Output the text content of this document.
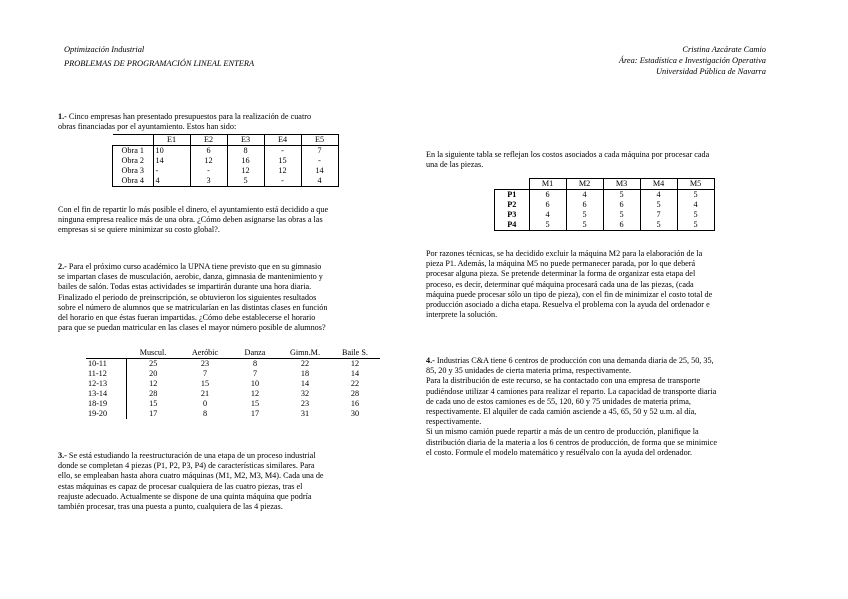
Optimización Industrial
PROBLEMAS DE PROGRAMACIÓN LINEAL ENTERA
Cristina Azcárate Camio
Área: Estadística e Investigación Operativa
Universidad Pública de Navarra
1.- Cinco empresas han presentado presupuestos para la realización de cuatro
obras financiadas por el ayuntamiento. Estos han sido:
	E1	E2	E3	E4	E5
Obra 1	10	6	8	-	7
Obra 2	14	12	16	15	-
Obra 3	-	-	12	12	14
Obra 4	4	3	5	-	4
Con el fin de repartir lo más posible el dinero, el ayuntamiento está decidido a que
ninguna empresa realice más de una obra. ¿Cómo deben asignarse las obras a las
empresas si se quiere minimizar su costo global?.
2.- Para el próximo curso académico la UPNA tiene previsto que en su gimnasio
se impartan clases de musculación, aerobic, danza, gimnasia de mantenimiento y
bailes de salón. Todas estas actividades se impartirán durante una hora diaria.
Finalizado el periodo de preinscripción, se obtuvieron los siguientes resultados
sobre el número de alumnos que se matricularían en las distintas clases en función
del horario en que éstas fueran impartidas. ¿Cómo debe establecerse el horario
para que se puedan matricular en las clases el mayor número posible de alumnos?
	Muscul.	Aeróbic	Danza	Gimn.M.	Baile S.
10-11	25	23	8	22	12
11-12	20	7	7	18	14
12-13	12	15	10	14	22
13-14	28	21	12	32	28
18-19	15	0	15	23	16
19-20	17	8	17	31	30
3.- Se está estudiando la reestructuración de una etapa de un proceso industrial
donde se completan 4 piezas (P1, P2, P3, P4) de características similares. Para
ello, se empleaban hasta ahora cuatro máquinas (M1, M2, M3, M4). Cada una de
estas máquinas es capaz de procesar cualquiera de las cuatro piezas, tras el
reajuste adecuado. Actualmente se dispone de una quinta máquina que podría
también procesar, tras una puesta a punto, cualquiera de las 4 piezas.
En la siguiente tabla se reflejan los costos asociados a cada máquina por procesar cada
una de las piezas.
	M1	M2	M3	M4	M5
P1	6	4	5	4	5
P2	6	6	6	5	4
P3	4	5	5	7	5
P4	5	5	6	5	5
Por razones técnicas, se ha decidido excluir la máquina M2 para la elaboración de la
pieza P1. Además, la máquina M5 no puede permanecer parada, por lo que deberá
procesar alguna pieza. Se pretende determinar la forma de organizar esta etapa del
proceso, es decir, determinar qué máquina procesará cada una de las piezas, (cada
máquina puede procesar sólo un tipo de pieza), con el fin de minimizar el costo total de
producción asociado a dicha etapa. Resuelva el problema con la ayuda del ordenador e
interprete la solución.
4.- Industrias C&A tiene 6 centros de producción con una demanda diaria de 25, 50, 35,
85, 20 y 35 unidades de cierta materia prima, respectivamente.
Para la distribución de este recurso, se ha contactado con una empresa de transporte
pudiéndose utilizar 4 camiones para realizar el reparto. La capacidad de transporte diaria
de cada uno de estos camiones es de 55, 120, 60 y 75 unidades de materia prima,
respectivamente. El alquiler de cada camión asciende a 45, 65, 50 y 52 u.m. al día,
respectivamente.
Si un mismo camión puede repartir a más de un centro de producción, planifique la
distribución diaria de la materia a los 6 centros de producción, de forma que se minimice
el costo. Formule el modelo matemático y resuélvalo con la ayuda del ordenador.
